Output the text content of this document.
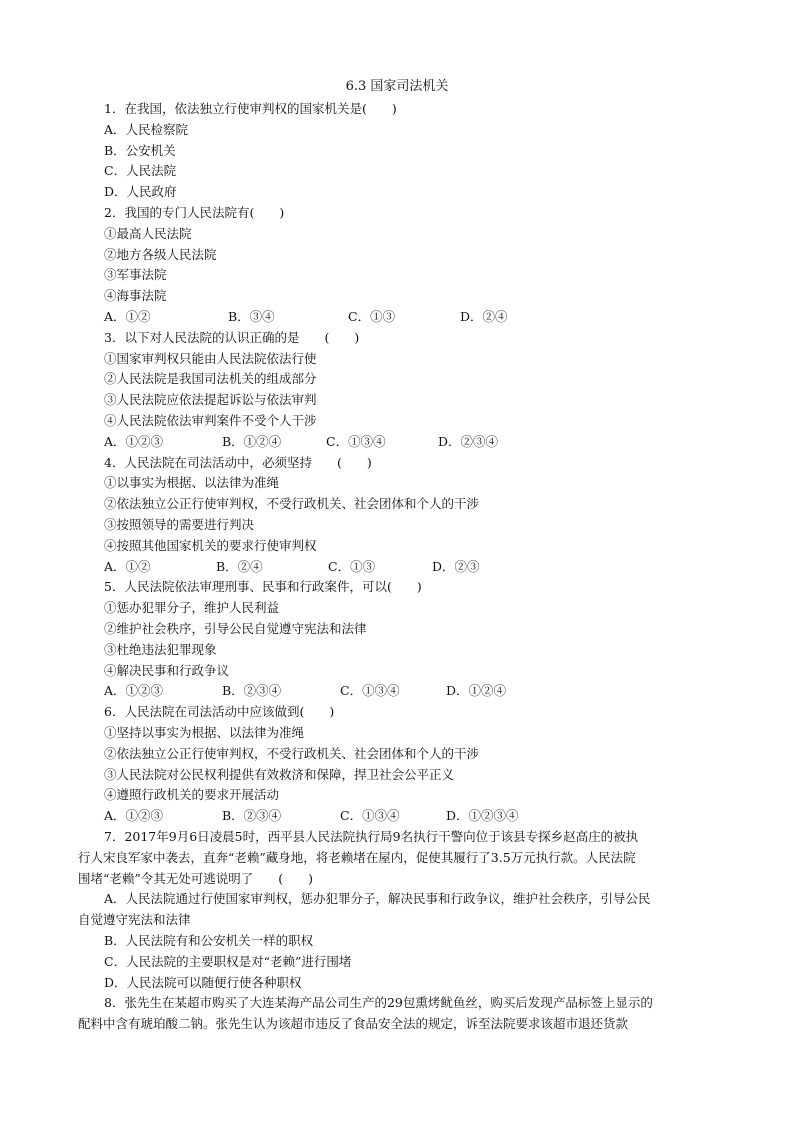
6.3 国家司法机关
1．在我国，依法独立行使审判权的国家机关是(　　)
A．人民检察院
B．公安机关
C．人民法院
D．人民政府
2．我国的专门人民法院有(　　)
①最高人民法院
②地方各级人民法院
③军事法院
④海事法院
A．①②	B．③④	C．①③	D．②④
3．以下对人民法院的认识正确的是　　(　　)
①国家审判权只能由人民法院依法行使
②人民法院是我国司法机关的组成部分
③人民法院应依法提起诉讼与依法审判
④人民法院依法审判案件不受个人干涉
A．①②③	B．①②④	C．①③④	D．②③④
4．人民法院在司法活动中，必须坚持　　(　　)
①以事实为根据、以法律为准绳
②依法独立公正行使审判权，不受行政机关、社会团体和个人的干涉
③按照领导的需要进行判决
④按照其他国家机关的要求行使审判权
A．①②	B．②④	C．①③	D．②③
5．人民法院依法审理刑事、民事和行政案件，可以(　　)
①惩办犯罪分子，维护人民利益
②维护社会秩序，引导公民自觉遵守宪法和法律
③杜绝违法犯罪现象
④解决民事和行政争议
A．①②③	B．②③④	C．①③④	D．①②④
6．人民法院在司法活动中应该做到(　　)
①坚持以事实为根据、以法律为准绳
②依法独立公正行使审判权，不受行政机关、社会团体和个人的干涉
③人民法院对公民权利提供有效救济和保障，捍卫社会公平正义
④遵照行政机关的要求开展活动
A．①②③	B．②③④	C．①③④	D．①②③④
7．2017年9月6日凌晨5时，西平县人民法院执行局9名执行干警向位于该县专探乡赵高庄的被执
行人宋良军家中袭去，直奔“老赖”藏身地，将老赖堵在屋内，促使其履行了3.5万元执行款。人民法院
围堵“老赖”令其无处可逃说明了　　(　　)
A．人民法院通过行使国家审判权，惩办犯罪分子，解决民事和行政争议，维护社会秩序，引导公民
自觉遵守宪法和法律
B．人民法院有和公安机关一样的职权
C．人民法院的主要职权是对“老赖”进行围堵
D．人民法院可以随便行使各种职权
8．张先生在某超市购买了大连某海产品公司生产的29包熏烤鱿鱼丝，购买后发现产品标签上显示的
配料中含有琥珀酸二钠。张先生认为该超市违反了食品安全法的规定，诉至法院要求该超市退还货款
